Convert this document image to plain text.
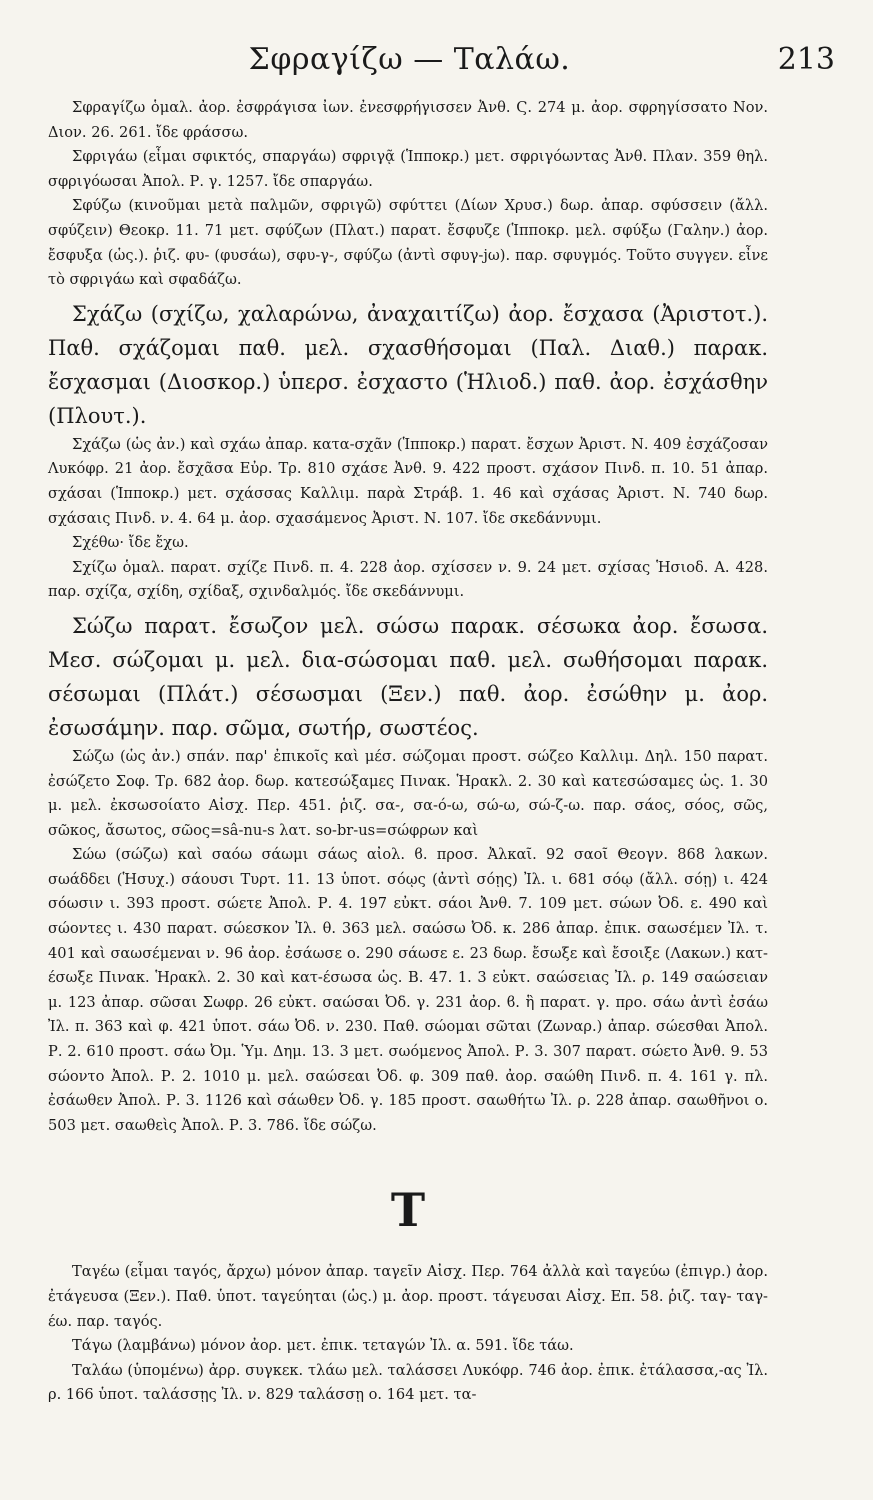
Σφραγίζω — Ταλάω.	213

Σφραγίζω ὁμαλ. ἀορ. ἐσφράγισα ἰων. ἐνεσφρήγισσεν Ἀνθ. Ϛ. 274 μ. ἀορ. σφρηγίσσατο Νον. Διον. 26. 261. ἴδε φράσσω.

Σφριγάω (εἶμαι σφικτός, σπαργάω) σφριγᾷ (Ἱπποκρ.) μετ. σφριγόωντας Ἀνθ. Πλαν. 359 θηλ. σφριγόωσαι Ἀπολ. Ρ. γ. 1257. ἴδε σπαργάω.

Σφύζω (κινοῦμαι μετὰ παλμῶν, σφριγῶ) σφύττει (Δίων Χρυσ.) δωρ. ἀπαρ. σφύσσειν (ἄλλ. σφύζειν) Θεοκρ. 11. 71 μετ. σφύζων (Πλατ.) παρατ. ἔσφυζε (Ἱπποκρ. μελ. σφύξω (Γαλην.) ἀορ. ἔσφυξα (ὡς.). ῥιζ. φυ- (φυσάω), σφυ-γ-, σφύζω (ἀντὶ σφυγ-jω). παρ. σφυγμός. Τοῦτο συγγεν. εἶνε τὸ σφριγάω καὶ σφαδάζω.

Σχάζω (σχίζω, χαλαρώνω, ἀναχαιτίζω) ἀορ. ἔσχασα (Ἀριστοτ.). Παθ. σχάζομαι παθ. μελ. σχασθήσομαι (Παλ. Διαθ.) παρακ. ἔσχασμαι (Διοσκορ.) ὑπερσ. ἐσχαστο (Ἡλιοδ.) παθ. ἀορ. ἐσχάσθην (Πλουτ.).

Σχάζω (ὡς ἀν.) καὶ σχάω ἀπαρ. κατα-σχᾶν (Ἱπποκρ.) παρατ. ἔσχων Ἀριστ. Ν. 409 ἐσχάζοσαν Λυκόφρ. 21 ἀορ. ἔσχᾶσα Εὐρ. Τρ. 810 σχάσε Ἀνθ. 9. 422 προστ. σχάσον Πινδ. π. 10. 51 ἀπαρ. σχάσαι (Ἱπποκρ.) μετ. σχάσσας Καλλιμ. παρὰ Στράβ. 1. 46 καὶ σχάσας Ἀριστ. Ν. 740 δωρ. σχάσαις Πινδ. ν. 4. 64 μ. ἀορ. σχασάμενος Ἀριστ. Ν. 107. ἴδε σκεδάννυμι.

Σχέθω· ἴδε ἔχω.

Σχίζω ὁμαλ. παρατ. σχίζε Πινδ. π. 4. 228 ἀορ. σχίσσεν ν. 9. 24 μετ. σχίσας Ἡσιοδ. Α. 428. παρ. σχίζα, σχίδη, σχίδαξ, σχινδαλμός. ἴδε σκεδάννυμι.

Σώζω παρατ. ἔσωζον μελ. σώσω παρακ. σέσωκα ἀορ. ἔσωσα. Μεσ. σώζομαι μ. μελ. δια-σώσομαι παθ. μελ. σωθήσομαι παρακ. σέσωμαι (Πλάτ.) σέσωσμαι (Ξεν.) παθ. ἀορ. ἐσώθην μ. ἀορ. ἐσωσάμην. παρ. σῶμα, σωτήρ, σωστέος.

Σώζω (ὡς ἀν.) σπάν. παρ' ἐπικοῖς καὶ μέσ. σώζομαι προστ. σώζεο Καλλιμ. Δηλ. 150 παρατ. ἐσώζετο Σοφ. Τρ. 682 ἀορ. δωρ. κατεσώξαμες Πινακ. Ἡρακλ. 2. 30 καὶ κατεσώσαμες ὡς. 1. 30 μ. μελ. ἐκσωσοίατο Αἰσχ. Περ. 451. ῥιζ. σα-, σα-ό-ω, σώ-ω, σώ-ζ-ω. παρ. σάος, σόος, σῶς, σῶκος, ἄσωτος, σῶος=sâ-nu-s λατ. so-br-us=σώφρων καὶ

Σώω (σώζω) καὶ σαόω σάωμι σάως αἰολ. ϐ. προσ. Ἀλκαῖ. 92 σαοῖ Θεογν. 868 λακων. σωάδδει (Ἡσυχ.) σάουσι Τυρτ. 11. 13 ὑποτ. σόῳς (ἀντὶ σόῃς) Ἰλ. ι. 681 σόῳ (ἄλλ. σόῃ) ι. 424 σόωσιν ι. 393 προστ. σώετε Ἀπολ. Ρ. 4. 197 εὐκτ. σάοι Ἀνθ. 7. 109 μετ. σώων Ὀδ. ε. 490 καὶ σώοντες ι. 430 παρατ. σώεσκον Ἰλ. θ. 363 μελ. σαώσω Ὀδ. κ. 286 ἀπαρ. ἐπικ. σαωσέμεν Ἰλ. τ. 401 καὶ σαωσέμεναι ν. 96 ἀορ. ἐσάωσε ο. 290 σάωσε ε. 23 δωρ. ἔσωξε καὶ ἔσοιξε (Λακων.) κατ-έσωξε Πινακ. Ἡρακλ. 2. 30 καὶ κατ-έσωσα ὡς. Β. 47. 1. 3 εὐκτ. σαώσειας Ἰλ. ρ. 149 σαώσειαν μ. 123 ἀπαρ. σῶσαι Σωφρ. 26 εὐκτ. σαώσαι Ὀδ. γ. 231 ἀορ. ϐ. ἣ παρατ. γ. προ. σάω ἀντὶ ἐσάω Ἰλ. π. 363 καὶ φ. 421 ὑποτ. σάω Ὀδ. ν. 230. Παθ. σώομαι σῶται (Ζωναρ.) ἀπαρ. σώεσθαι Ἀπολ. Ρ. 2. 610 προστ. σάω Ὀμ. Ὑμ. Δημ. 13. 3 μετ. σωόμενος Ἀπολ. Ρ. 3. 307 παρατ. σώετο Ἀνθ. 9. 53 σώοντο Ἀπολ. Ρ. 2. 1010 μ. μελ. σαώσεαι Ὀδ. φ. 309 παθ. ἀορ. σαώθη Πινδ. π. 4. 161 γ. πλ. ἐσάωθεν Ἀπολ. Ρ. 3. 1126 καὶ σάωθεν Ὀδ. γ. 185 προστ. σαωθήτω Ἰλ. ρ. 228 ἀπαρ. σαωθῆνοι ο. 503 μετ. σαωθεὶς Ἀπολ. Ρ. 3. 786. ἴδε σώζω.

Τ

Ταγέω (εἶμαι ταγός, ἄρχω) μόνον ἀπαρ. ταγεῖν Αἰσχ. Περ. 764 ἀλλὰ καὶ ταγεύω (ἐπιγρ.) ἀορ. ἐτάγευσα (Ξεν.). Παθ. ὑποτ. ταγεύηται (ὡς.) μ. ἀορ. προστ. τάγευσαι Αἰσχ. Επ. 58. ῥιζ. ταγ- ταγ-έω. παρ. ταγός.

Τάγω (λαμβάνω) μόνον ἀορ. μετ. ἐπικ. τεταγών Ἰλ. α. 591. ἴδε τάω.

Ταλάω (ὑπομένω) ἀρρ. συγκεκ. τλάω μελ. ταλάσσει Λυκόφρ. 746 ἀορ. ἐπικ. ἐτάλασσα,-ας Ἰλ. ρ. 166 ὑποτ. ταλάσσῃς Ἰλ. ν. 829 ταλάσσῃ ο. 164 μετ. τα-
